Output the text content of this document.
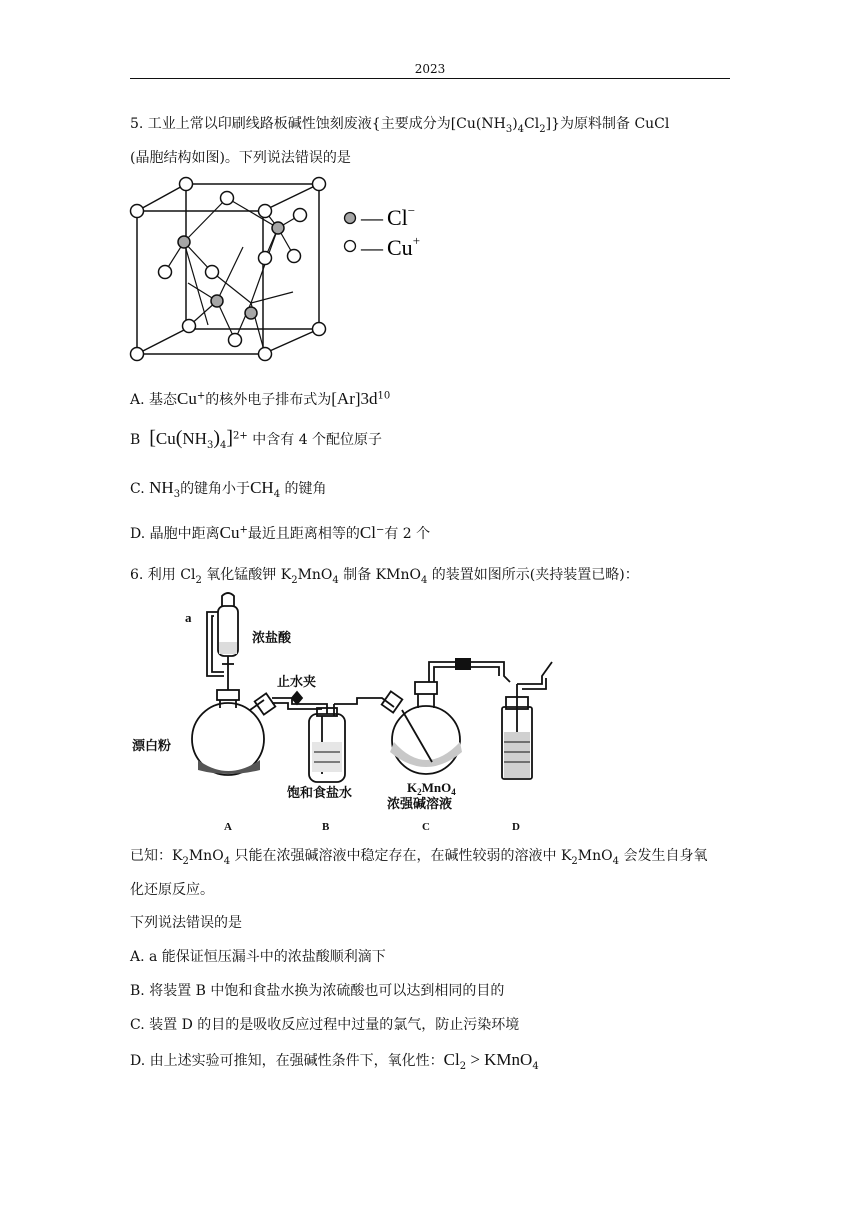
2023
5. 工业上常以印刷线路板碱性蚀刻废液{主要成分为$[Cu(NH_3)_4Cl_2]$}为原料制备 CuCl
(晶胞结构如图)。下列说法错误的是
— Cl−
— Cu+
A. 基态Cu+的核外电子排布式为$[Ar]3d^{10}$
B $[Cu(NH_3)_4]^{2+}$ 中含有 4 个配位原子
C. $NH_3$的键角小于$CH_4$ 的键角
D. 晶胞中距离Cu+最近且距离相等的Cl−有 2 个
6. 利用 $Cl_2$ 氧化锰酸钾 $K_2MnO_4$ 制备 KMnO$_4$ 的装置如图所示(夹持装置已略)：
a
浓盐酸
止水夹
漂白粉
饱和食盐水	$K_2MnO_4$
浓强碱溶液
A	B	C	D
已知：$K_2MnO_4$ 只能在浓强碱溶液中稳定存在，在碱性较弱的溶液中 $K_2MnO_4$ 会发生自身氧
化还原反应。
下列说法错误的是
A. a 能保证恒压漏斗中的浓盐酸顺利滴下
B. 将装置 B 中饱和食盐水换为浓硫酸也可以达到相同的目的
C. 装置 D 的目的是吸收反应过程中过量的氯气，防止污染环境
D. 由上述实验可推知，在强碱性条件下，氧化性：$Cl_2$ > KMnO$_4$
